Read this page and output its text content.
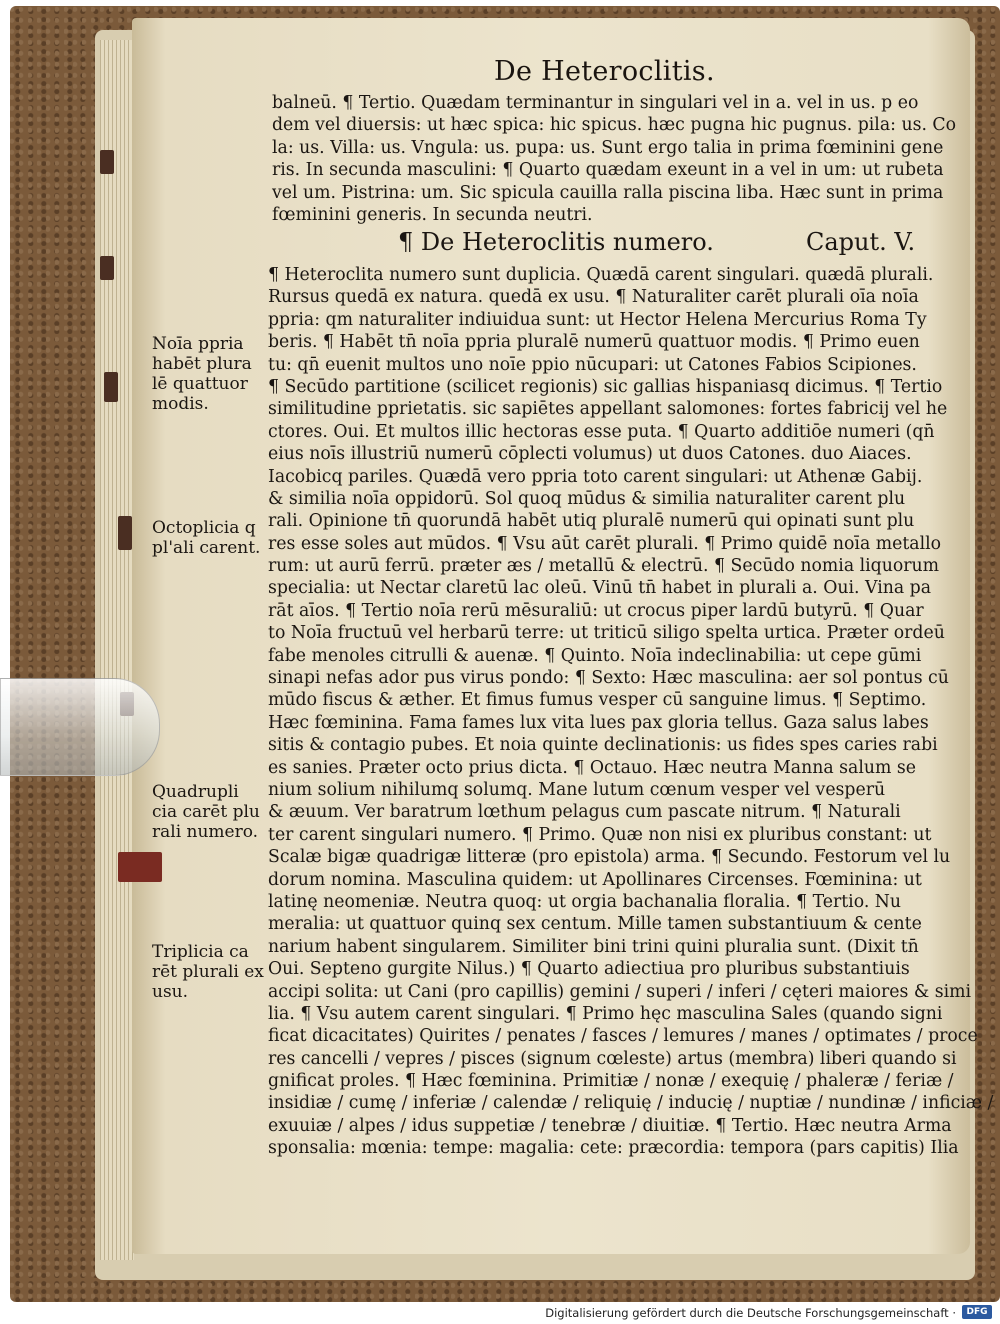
De Heteroclitis.
balneū. ¶ Tertio. Quædam terminantur in singulari vel in a. vel in us. p eo
dem vel diuersis: ut hæc spica: hic spicus. hæc pugna hic pugnus. pila: us. Co
la: us. Villa: us. Vngula: us. pupa: us. Sunt ergo talia in prima fœminini gene
ris. In secunda masculini: ¶ Quarto quædam exeunt in a vel in um: ut rubeta
vel um. Pistrina: um. Sic spicula cauilla ralla piscina liba. Hæc sunt in prima
fœminini generis. In secunda neutri.
¶ De Heteroclitis numero.	Caput. V.
¶ Heteroclita numero sunt duplicia. Quædā carent singulari. quædā plurali.
Rursus quedā ex natura. quedā ex usu. ¶ Naturaliter carēt plurali oīa noīa
ppria: qm naturaliter indiuidua sunt: ut Hector Helena Mercurius Roma Ty
beris. ¶ Habēt tn̄ noīa ppria pluralē numerū quattuor modis. ¶ Primo euen
tu: qn̄ euenit multos uno noīe ppio nūcupari: ut Catones Fabios Scipiones.
¶ Secūdo partitione (scilicet regionis) sic gallias hispaniasq dicimus. ¶ Tertio
similitudine pprietatis. sic sapiētes appellant salomones: fortes fabricij vel he
ctores. Oui. Et multos illic hectoras esse puta. ¶ Quarto additiōe numeri (qn̄
eius noīs illustriū numerū cōplecti volumus) ut duos Catones. duo Aiaces.
Iacobicq pariles. Quædā vero ppria toto carent singulari: ut Athenæ Gabij.
& similia noīa oppidorū. Sol quoq mūdus & similia naturaliter carent plu
rali. Opinione tn̄ quorundā habēt utiq pluralē numerū qui opinati sunt plu
res esse soles aut mūdos. ¶ Vsu aūt carēt plurali. ¶ Primo quidē noīa metallo
rum: ut aurū ferrū. præter æs / metallū & electrū. ¶ Secūdo nomia liquorum
specialia: ut Nectar claretū lac oleū. Vinū tn̄ habet in plurali a. Oui. Vina pa
rāt aīos. ¶ Tertio noīa rerū mēsuraliū: ut crocus piper lardū butyrū. ¶ Quar
to Noīa fructuū vel herbarū terre: ut triticū siligo spelta urtica. Præter ordeū
fabe menoles citrulli & auenæ. ¶ Quinto. Noīa indeclinabilia: ut cepe gūmi
sinapi nefas ador pus virus pondo: ¶ Sexto: Hæc masculina: aer sol pontus cū
mūdo fiscus & æther. Et fimus fumus vesper cū sanguine limus. ¶ Septimo.
Hæc fœminina. Fama fames lux vita lues pax gloria tellus. Gaza salus labes
sitis & contagio pubes. Et noia quinte declinationis: us fides spes caries rabi
es sanies. Præter octo prius dicta. ¶ Octauo. Hæc neutra Manna salum se
nium solium nihilumq solumq. Mane lutum cœnum vesper vel vesperū
& æuum. Ver baratrum lœthum pelagus cum pascate nitrum. ¶ Naturali
ter carent singulari numero. ¶ Primo. Quæ non nisi ex pluribus constant: ut
Scalæ bigæ quadrigæ litteræ (pro epistola) arma. ¶ Secundo. Festorum vel lu
dorum nomina. Masculina quidem: ut Apollinares Circenses. Fœminina: ut
latinę neomeniæ. Neutra quoq: ut orgia bachanalia floralia. ¶ Tertio. Nu
meralia: ut quattuor quinq sex centum. Mille tamen substantiuum & cente
narium habent singularem. Similiter bini trini quini pluralia sunt. (Dixit tn̄
Oui. Septeno gurgite Nilus.) ¶ Quarto adiectiua pro pluribus substantiuis
accipi solita: ut Cani (pro capillis) gemini / superi / inferi / cęteri maiores & simi
lia. ¶ Vsu autem carent singulari. ¶ Primo hęc masculina Sales (quando signi
ficat dicacitates) Quirites / penates / fasces / lemures / manes / optimates / proce
res cancelli / vepres / pisces (signum cœleste) artus (membra) liberi quando si
gnificat proles. ¶ Hæc fœminina. Primitiæ / nonæ / exequię / phaleræ / feriæ /
insidiæ / cumę / inferiæ / calendæ / reliquię / inducię / nuptiæ / nundinæ / inficiæ /
exuuiæ / alpes / idus suppetiæ / tenebræ / diuitiæ. ¶ Tertio. Hæc neutra Arma
sponsalia: mœnia: tempe: magalia: cete: præcordia: tempora (pars capitis) Ilia
Noīa ppria
habēt plura
lē quattuor
modis.
Octoplicia q
pl'ali carent.
Quadrupli
cia carēt plu
rali numero.
Triplicia ca
rēt plurali ex
usu.
Digitalisierung gefördert durch die Deutsche Forschungsgemeinschaft ·	DFG
